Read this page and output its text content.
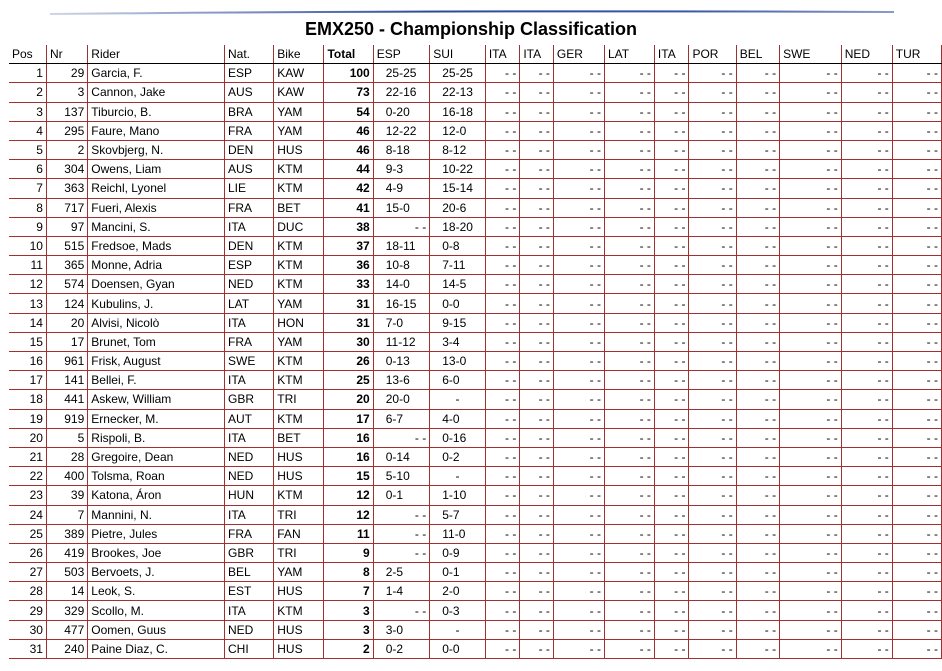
EMX250 - Championship Classification
Pos	Nr	Rider	Nat.	Bike	Total	ESP	SUI	ITA	ITA	GER	LAT	ITA	POR	BEL	SWE	NED	TUR
1	29	Garcia, F.	ESP	KAW	100	25-25	25-25	- -	- -	- -	- -	- -	- -	- -	- -	- -	- -
2	3	Cannon, Jake	AUS	KAW	73	22-16	22-13	- -	- -	- -	- -	- -	- -	- -	- -	- -	- -
3	137	Tiburcio, B.	BRA	YAM	54	0-20	16-18	- -	- -	- -	- -	- -	- -	- -	- -	- -	- -
4	295	Faure, Mano	FRA	YAM	46	12-22	12-0	- -	- -	- -	- -	- -	- -	- -	- -	- -	- -
5	2	Skovbjerg, N.	DEN	HUS	46	8-18	8-12	- -	- -	- -	- -	- -	- -	- -	- -	- -	- -
6	304	Owens, Liam	AUS	KTM	44	9-3	10-22	- -	- -	- -	- -	- -	- -	- -	- -	- -	- -
7	363	Reichl, Lyonel	LIE	KTM	42	4-9	15-14	- -	- -	- -	- -	- -	- -	- -	- -	- -	- -
8	717	Fueri, Alexis	FRA	BET	41	15-0	20-6	- -	- -	- -	- -	- -	- -	- -	- -	- -	- -
9	97	Mancini, S.	ITA	DUC	38	- -	18-20	- -	- -	- -	- -	- -	- -	- -	- -	- -	- -
10	515	Fredsoe, Mads	DEN	KTM	37	18-11	0-8	- -	- -	- -	- -	- -	- -	- -	- -	- -	- -
11	365	Monne, Adria	ESP	KTM	36	10-8	7-11	- -	- -	- -	- -	- -	- -	- -	- -	- -	- -
12	574	Doensen, Gyan	NED	KTM	33	14-0	14-5	- -	- -	- -	- -	- -	- -	- -	- -	- -	- -
13	124	Kubulins, J.	LAT	YAM	31	16-15	0-0	- -	- -	- -	- -	- -	- -	- -	- -	- -	- -
14	20	Alvisi, Nicolò	ITA	HON	31	7-0	9-15	- -	- -	- -	- -	- -	- -	- -	- -	- -	- -
15	17	Brunet, Tom	FRA	YAM	30	11-12	3-4	- -	- -	- -	- -	- -	- -	- -	- -	- -	- -
16	961	Frisk, August	SWE	KTM	26	0-13	13-0	- -	- -	- -	- -	- -	- -	- -	- -	- -	- -
17	141	Bellei, F.	ITA	KTM	25	13-6	6-0	- -	- -	- -	- -	- -	- -	- -	- -	- -	- -
18	441	Askew, William	GBR	TRI	20	20-0	-	- -	- -	- -	- -	- -	- -	- -	- -	- -	- -
19	919	Ernecker, M.	AUT	KTM	17	6-7	4-0	- -	- -	- -	- -	- -	- -	- -	- -	- -	- -
20	5	Rispoli, B.	ITA	BET	16	- -	0-16	- -	- -	- -	- -	- -	- -	- -	- -	- -	- -
21	28	Gregoire, Dean	NED	HUS	16	0-14	0-2	- -	- -	- -	- -	- -	- -	- -	- -	- -	- -
22	400	Tolsma, Roan	NED	HUS	15	5-10	-	- -	- -	- -	- -	- -	- -	- -	- -	- -	- -
23	39	Katona, Áron	HUN	KTM	12	0-1	1-10	- -	- -	- -	- -	- -	- -	- -	- -	- -	- -
24	7	Mannini, N.	ITA	TRI	12	- -	5-7	- -	- -	- -	- -	- -	- -	- -	- -	- -	- -
25	389	Pietre, Jules	FRA	FAN	11	- -	11-0	- -	- -	- -	- -	- -	- -	- -	- -	- -	- -
26	419	Brookes, Joe	GBR	TRI	9	- -	0-9	- -	- -	- -	- -	- -	- -	- -	- -	- -	- -
27	503	Bervoets, J.	BEL	YAM	8	2-5	0-1	- -	- -	- -	- -	- -	- -	- -	- -	- -	- -
28	14	Leok, S.	EST	HUS	7	1-4	2-0	- -	- -	- -	- -	- -	- -	- -	- -	- -	- -
29	329	Scollo, M.	ITA	KTM	3	- -	0-3	- -	- -	- -	- -	- -	- -	- -	- -	- -	- -
30	477	Oomen, Guus	NED	HUS	3	3-0	-	- -	- -	- -	- -	- -	- -	- -	- -	- -	- -
31	240	Paine Diaz, C.	CHI	HUS	2	0-2	0-0	- -	- -	- -	- -	- -	- -	- -	- -	- -	- -
